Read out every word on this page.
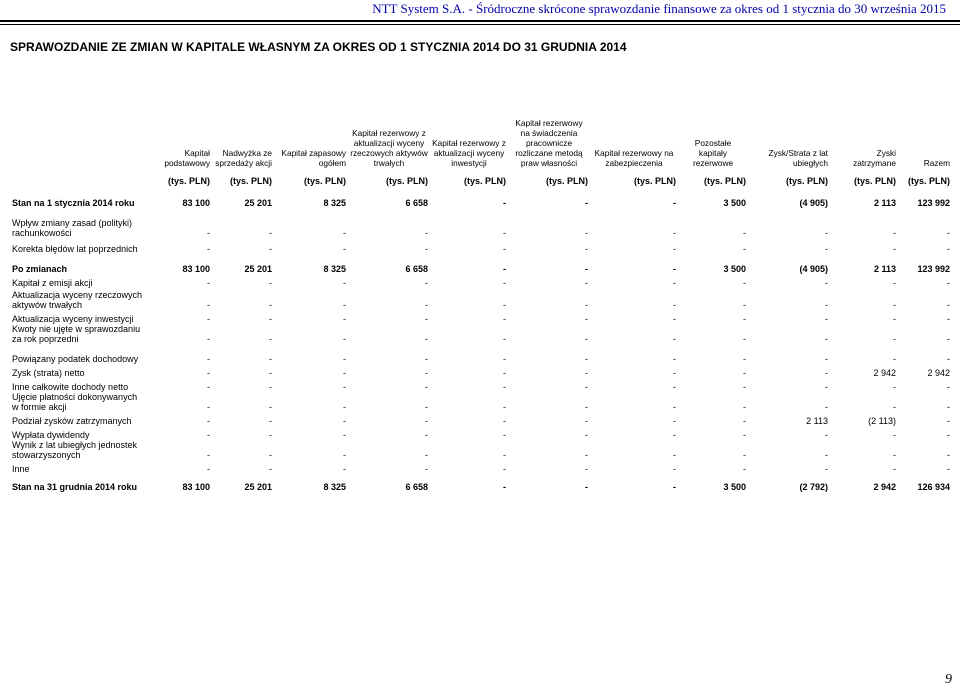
NTT System S.A. - Śródroczne skrócone sprawozdanie finansowe za okres od 1 stycznia do 30 września 2015
SPRAWOZDANIE ZE ZMIAN W KAPITALE WŁASNYM ZA OKRES OD 1 STYCZNIA 2014 DO 31 GRUDNIA 2014
	Kapitał podstawowy	Nadwyżka ze sprzedaży akcji	Kapitał zapasowy ogółem	Kapitał rezerwowy z aktualizacji wyceny rzeczowych aktywów trwałych	Kapitał rezerwowy z aktualizacji wyceny inwestycji	Kapitał rezerwowy na świadczenia pracownicze rozliczane metodą praw własności	Kapitał rezerwowy na zabezpieczenia	Pozostałe kapitały rezerwowe	Zysk/Strata z lat ubiegłych	Zyski zatrzymane	Razem
	(tys. PLN)	(tys. PLN)	(tys. PLN)	(tys. PLN)	(tys. PLN)	(tys. PLN)	(tys. PLN)	(tys. PLN)	(tys. PLN)	(tys. PLN)	(tys. PLN)
Stan na 1 stycznia 2014 roku	83 100	25 201	8 325	6 658	-	-	-	3 500	(4 905)	2 113	123 992
Wpływ zmiany zasad (polityki) rachunkowości	-	-	-	-	-	-	-	-	-	-	-
Korekta błędów lat poprzednich	-	-	-	-	-	-	-	-	-	-	-
Po zmianach	83 100	25 201	8 325	6 658	-	-	-	3 500	(4 905)	2 113	123 992
Kapitał z emisji akcji	-	-	-	-	-	-	-	-	-	-	-
Aktualizacja wyceny rzeczowych aktywów trwałych	-	-	-	-	-	-	-	-	-	-	-
Aktualizacja wyceny inwestycji	-	-	-	-	-	-	-	-	-	-	-
Kwoty nie ujęte w sprawozdaniu za rok poprzedni	-	-	-	-	-	-	-	-	-	-	-
Powiązany podatek dochodowy	-	-	-	-	-	-	-	-	-	-	-
Zysk (strata) netto	-	-	-	-	-	-	-	-	-	2 942	2 942
Inne całkowite dochody netto	-	-	-	-	-	-	-	-	-	-	-
Ujęcie płatności dokonywanych w formie akcji	-	-	-	-	-	-	-	-	-	-	-
Podział zysków zatrzymanych	-	-	-	-	-	-	-	-	2 113	(2 113)	-
Wypłata dywidendy	-	-	-	-	-	-	-	-	-	-	-
Wynik z lat ubiegłych jednostek stowarzyszonych	-	-	-	-	-	-	-	-	-	-	-
Inne	-	-	-	-	-	-	-	-	-	-	-
Stan na 31 grudnia 2014 roku	83 100	25 201	8 325	6 658	-	-	-	3 500	(2 792)	2 942	126 934
9
